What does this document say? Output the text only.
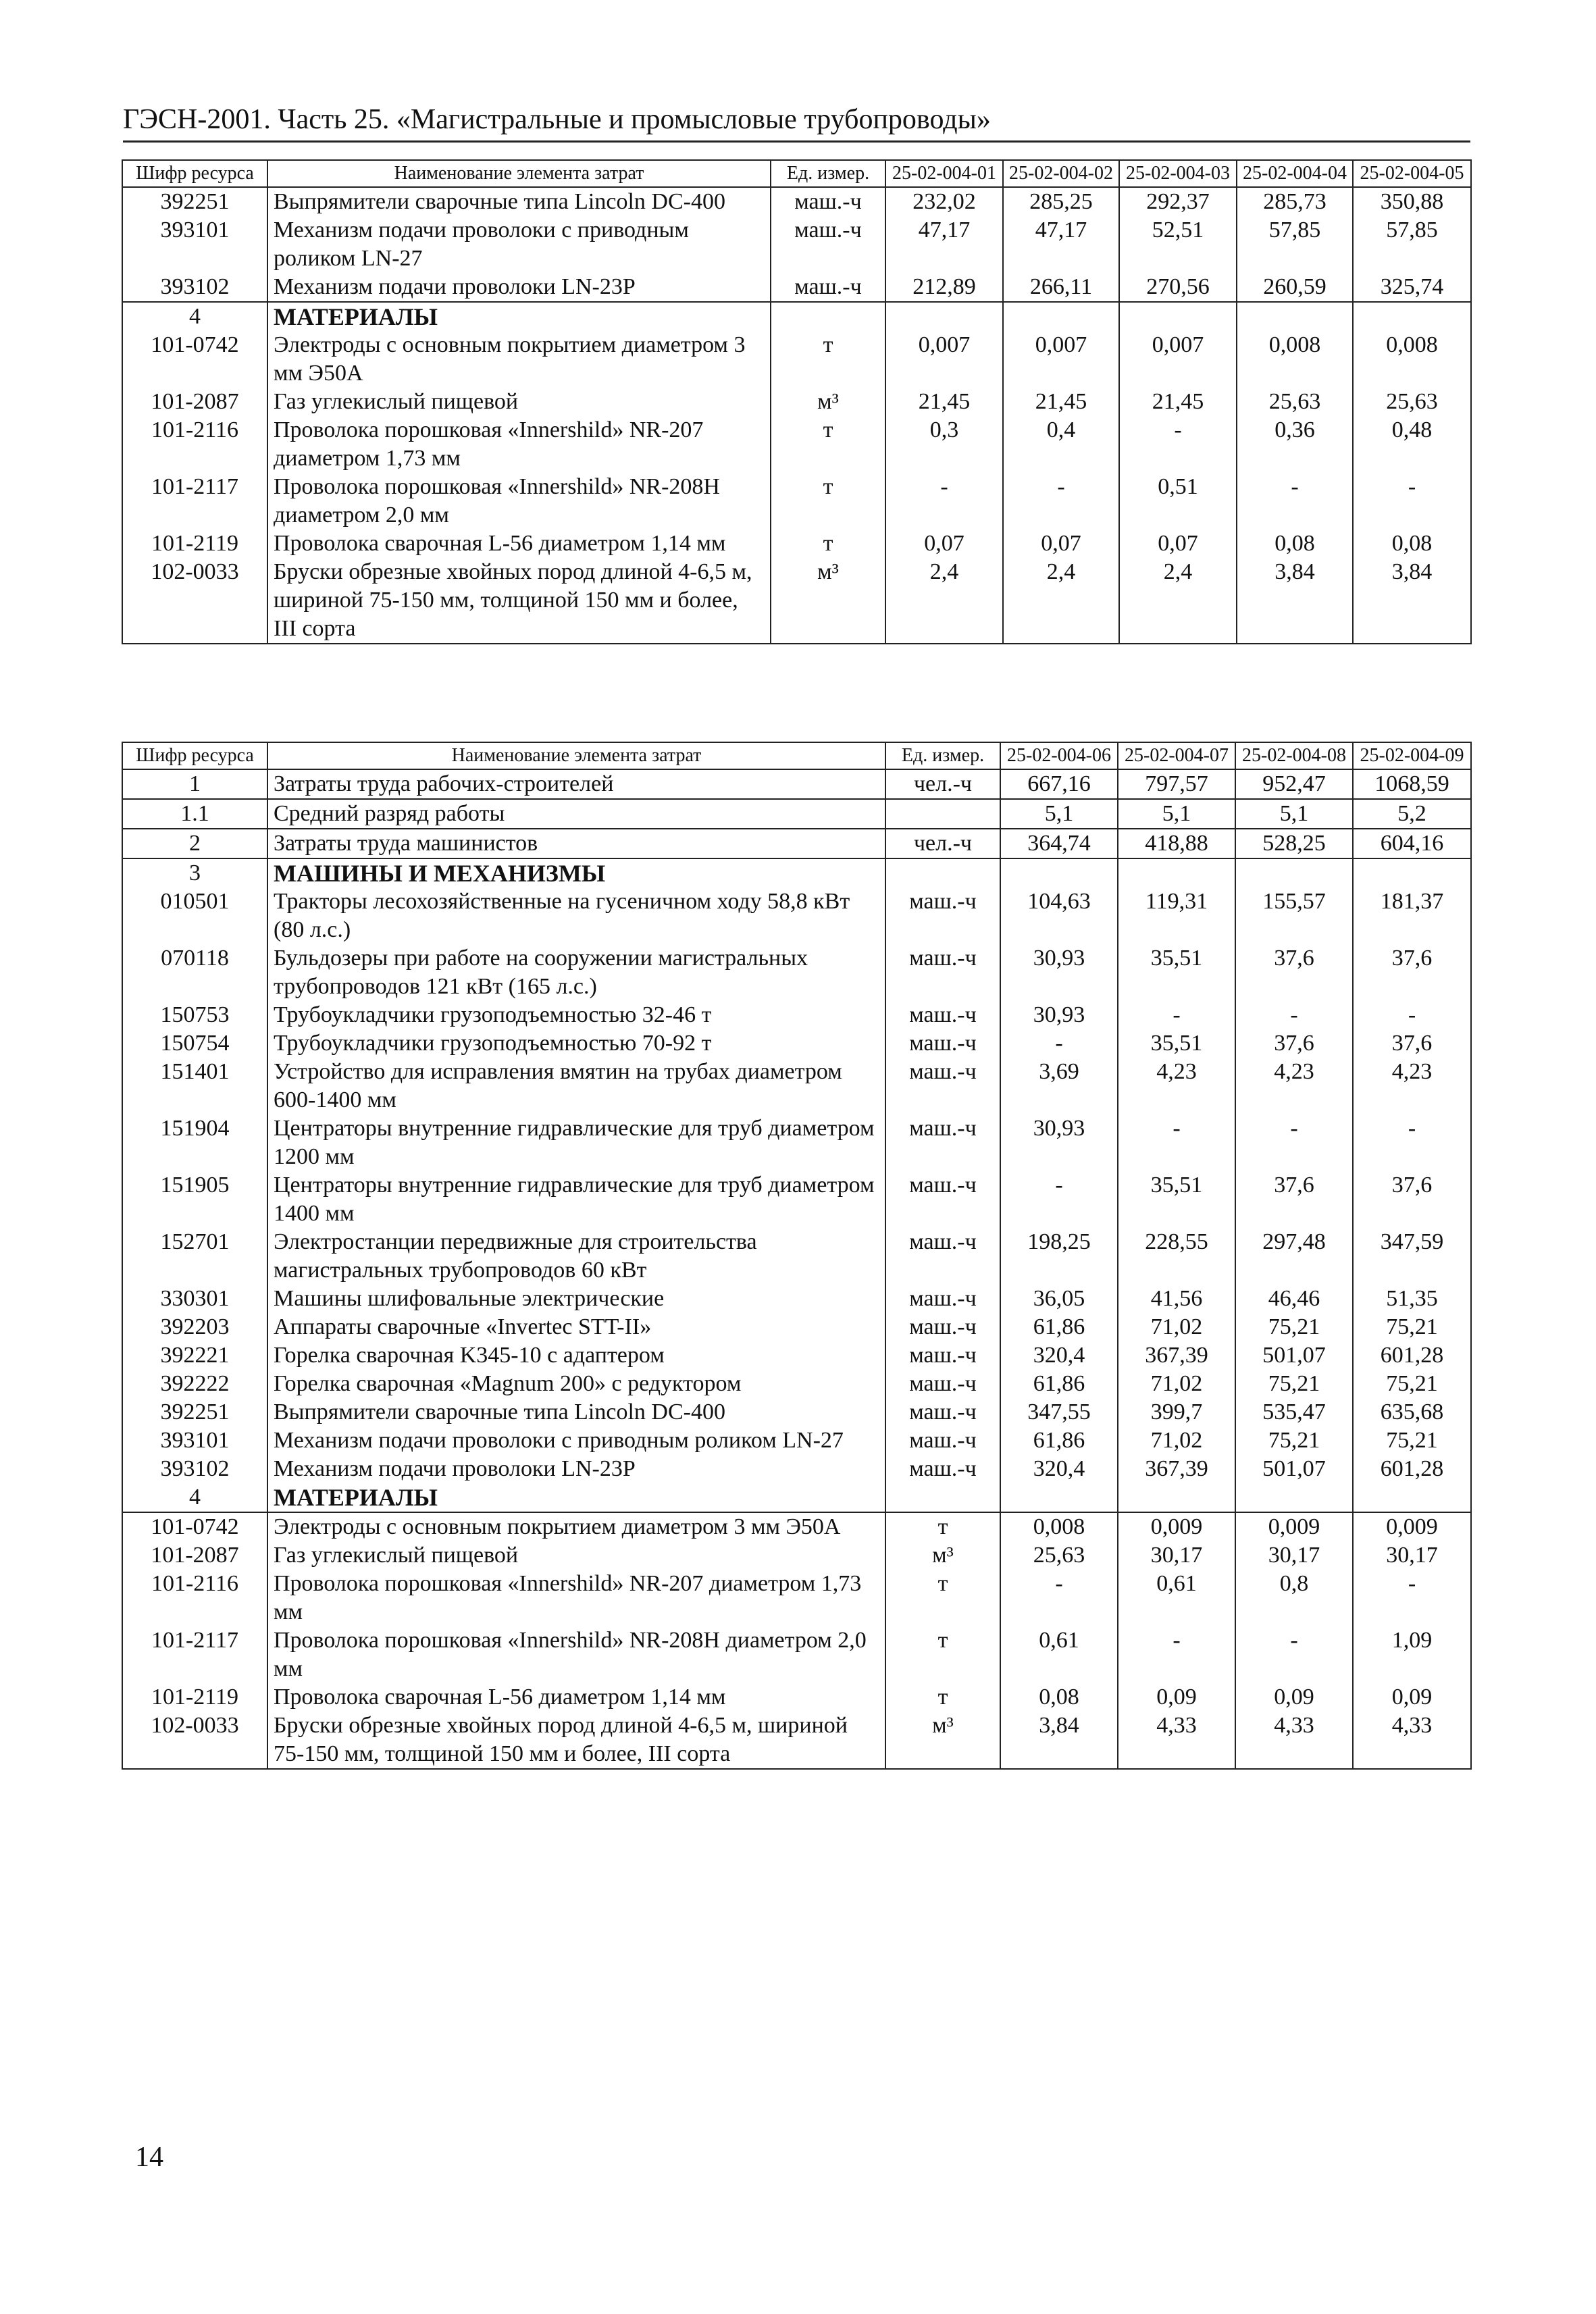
ГЭСН-2001. Часть 25. «Магистральные и промысловые трубопроводы»
Шифр ресурса	Наименование элемента затрат	Ед. измер.	25-02-004-01	25-02-004-02	25-02-004-03	25-02-004-04	25-02-004-05
392251	Выпрямители сварочные типа Lincoln DC-400	маш.-ч	232,02	285,25	292,37	285,73	350,88
393101	Механизм подачи проволоки с приводным роликом LN-27	маш.-ч	47,17	47,17	52,51	57,85	57,85
393102	Механизм подачи проволоки LN-23P	маш.-ч	212,89	266,11	270,56	260,59	325,74
4	МАТЕРИАЛЫ						
101-0742	Электроды с основным покрытием диаметром 3 мм Э50А	т	0,007	0,007	0,007	0,008	0,008
101-2087	Газ углекислый пищевой	м³	21,45	21,45	21,45	25,63	25,63
101-2116	Проволока порошковая «Innershild» NR-207 диаметром 1,73 мм	т	0,3	0,4	-	0,36	0,48
101-2117	Проволока порошковая «Innershild» NR-208H диаметром 2,0 мм	т	-	-	0,51	-	-
101-2119	Проволока сварочная L-56 диаметром 1,14 мм	т	0,07	0,07	0,07	0,08	0,08
102-0033	Бруски обрезные хвойных пород длиной 4-6,5 м, шириной 75-150 мм, толщиной 150 мм и более, III сорта	м³	2,4	2,4	2,4	3,84	3,84
Шифр ресурса	Наименование элемента затрат	Ед. измер.	25-02-004-06	25-02-004-07	25-02-004-08	25-02-004-09
1	Затраты труда рабочих-строителей	чел.-ч	667,16	797,57	952,47	1068,59
1.1	Средний разряд работы		5,1	5,1	5,1	5,2
2	Затраты труда машинистов	чел.-ч	364,74	418,88	528,25	604,16
3	МАШИНЫ И МЕХАНИЗМЫ					
010501	Тракторы лесохозяйственные на гусеничном ходу 58,8 кВт (80 л.с.)	маш.-ч	104,63	119,31	155,57	181,37
070118	Бульдозеры при работе на сооружении магистральных трубопроводов 121 кВт (165 л.с.)	маш.-ч	30,93	35,51	37,6	37,6
150753	Трубоукладчики грузоподъемностью 32-46 т	маш.-ч	30,93	-	-	-
150754	Трубоукладчики грузоподъемностью 70-92 т	маш.-ч	-	35,51	37,6	37,6
151401	Устройство для исправления вмятин на трубах диаметром 600-1400 мм	маш.-ч	3,69	4,23	4,23	4,23
151904	Центраторы внутренние гидравлические для труб диаметром 1200 мм	маш.-ч	30,93	-	-	-
151905	Центраторы внутренние гидравлические для труб диаметром 1400 мм	маш.-ч	-	35,51	37,6	37,6
152701	Электростанции передвижные для строительства магистральных трубопроводов 60 кВт	маш.-ч	198,25	228,55	297,48	347,59
330301	Машины шлифовальные электрические	маш.-ч	36,05	41,56	46,46	51,35
392203	Аппараты сварочные «Invertec STT-II»	маш.-ч	61,86	71,02	75,21	75,21
392221	Горелка сварочная K345-10 с адаптером	маш.-ч	320,4	367,39	501,07	601,28
392222	Горелка сварочная «Magnum 200» с редуктором	маш.-ч	61,86	71,02	75,21	75,21
392251	Выпрямители сварочные типа Lincoln DC-400	маш.-ч	347,55	399,7	535,47	635,68
393101	Механизм подачи проволоки с приводным роликом LN-27	маш.-ч	61,86	71,02	75,21	75,21
393102	Механизм подачи проволоки LN-23P	маш.-ч	320,4	367,39	501,07	601,28
4	МАТЕРИАЛЫ					
101-0742	Электроды с основным покрытием диаметром 3 мм Э50А	т	0,008	0,009	0,009	0,009
101-2087	Газ углекислый пищевой	м³	25,63	30,17	30,17	30,17
101-2116	Проволока порошковая «Innershild» NR-207 диаметром 1,73 мм	т	-	0,61	0,8	-
101-2117	Проволока порошковая «Innershild» NR-208H диаметром 2,0 мм	т	0,61	-	-	1,09
101-2119	Проволока сварочная L-56 диаметром 1,14 мм	т	0,08	0,09	0,09	0,09
102-0033	Бруски обрезные хвойных пород длиной 4-6,5 м, шириной 75-150 мм, толщиной 150 мм и более, III сорта	м³	3,84	4,33	4,33	4,33
14
